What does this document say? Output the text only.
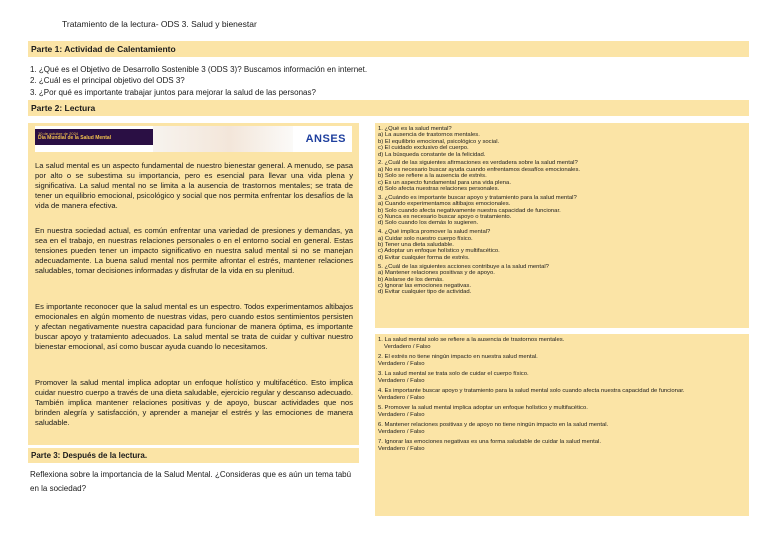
Tratamiento de la lectura- ODS 3. Salud y bienestar
Parte 1: Actividad de Calentamiento
1. ¿Qué es el Objetivo de Desarrollo Sostenible 3 (ODS 3)? Buscamos información en internet.
2. ¿Cuál es el principal objetivo del ODS 3?
3. ¿Por qué es importante trabajar juntos para mejorar la salud de las personas?
Parte 2: Lectura
10 de octubre de 2024
Día Mundial de la Salud Mental	ANSES
La salud mental es un aspecto fundamental de nuestro bienestar general. A menudo, se pasa por alto o se subestima su importancia, pero es esencial para llevar una vida plena y significativa. La salud mental no se limita a la ausencia de trastornos mentales; se trata de tener un equilibrio emocional, psicológico y social que nos permita enfrentar los desafíos de la vida de manera efectiva.
En nuestra sociedad actual, es común enfrentar una variedad de presiones y demandas, ya sea en el trabajo, en nuestras relaciones personales o en el entorno social en general. Estas tensiones pueden tener un impacto significativo en nuestra salud mental si no se manejan adecuadamente. La buena salud mental nos permite afrontar el estrés, mantener relaciones saludables, tomar decisiones informadas y disfrutar de la vida en su plenitud.
Es importante reconocer que la salud mental es un espectro. Todos experimentamos altibajos emocionales en algún momento de nuestras vidas, pero cuando estos sentimientos persisten y afectan negativamente nuestra capacidad para funcionar de manera óptima, es importante buscar apoyo y tratamiento adecuados. La salud mental se trata de cuidar y cultivar nuestro bienestar emocional, así como buscar ayuda cuando lo necesitamos.
Promover la salud mental implica adoptar un enfoque holístico y multifacético. Esto implica cuidar nuestro cuerpo a través de una dieta saludable, ejercicio regular y descanso adecuado. También implica mantener relaciones positivas y de apoyo, buscar actividades que nos brinden alegría y satisfacción, y aprender a manejar el estrés y las emociones de manera saludable.
1. ¿Qué es la salud mental?
a) La ausencia de trastornos mentales.
b) El equilibrio emocional, psicológico y social.
c) El cuidado exclusivo del cuerpo.
d) La búsqueda constante de la felicidad.
2. ¿Cuál de las siguientes afirmaciones es verdadera sobre la salud mental?
a) No es necesario buscar ayuda cuando enfrentamos desafíos emocionales.
b) Solo se refiere a la ausencia de estrés.
c) Es un aspecto fundamental para una vida plena.
d) Solo afecta nuestras relaciones personales.
3. ¿Cuándo es importante buscar apoyo y tratamiento para la salud mental?
a) Cuando experimentamos altibajos emocionales.
b) Solo cuando afecta negativamente nuestra capacidad de funcionar.
c) Nunca es necesario buscar apoyo o tratamiento.
d) Solo cuando los demás lo sugieren.
4. ¿Qué implica promover la salud mental?
a) Cuidar solo nuestro cuerpo físico.
b) Tener una dieta saludable.
c) Adoptar un enfoque holístico y multifacético.
d) Evitar cualquier forma de estrés.
5. ¿Cuál de las siguientes acciones contribuye a la salud mental?
a) Mantener relaciones positivas y de apoyo.
b) Aislarse de los demás.
c) Ignorar las emociones negativas.
d) Evitar cualquier tipo de actividad.
1. La salud mental solo se refiere a la ausencia de trastornos mentales.
Verdadero / Falso
2. El estrés no tiene ningún impacto en nuestra salud mental.
Verdadero / Falso
3. La salud mental se trata solo de cuidar el cuerpo físico.
Verdadero / Falso
4. Es importante buscar apoyo y tratamiento para la salud mental solo cuando afecta nuestra capacidad de funcionar.
Verdadero / Falso
5. Promover la salud mental implica adoptar un enfoque holístico y multifacético.
Verdadero / Falso
6. Mantener relaciones positivas y de apoyo no tiene ningún impacto en la salud mental.
Verdadero / Falso
7. Ignorar las emociones negativas es una forma saludable de cuidar la salud mental.
Verdadero / Falso
Parte 3: Después de la lectura.
Reflexiona sobre la importancia de la Salud Mental. ¿Consideras que es aún un tema tabú en la sociedad?
